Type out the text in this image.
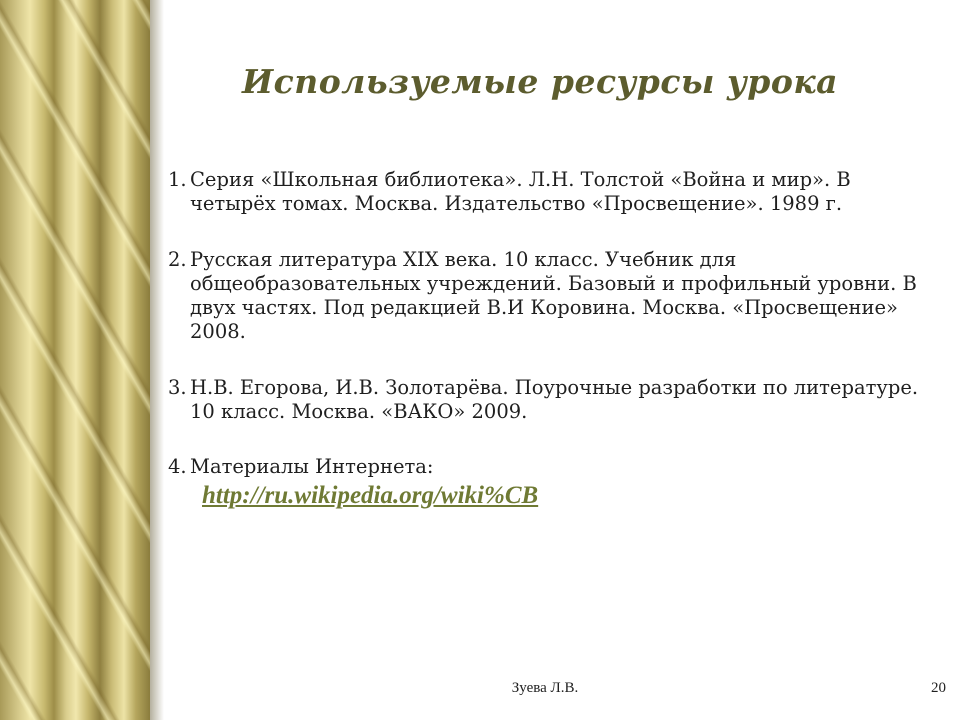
Используемые ресурсы урока
1. Серия «Школьная библиотека». Л.Н. Толстой «Война и мир». В четырёх томах. Москва. Издательство «Просвещение». 1989 г.
2. Русская литература XIX века. 10 класс. Учебник для общеобразовательных учреждений. Базовый и профильный уровни. В двух частях. Под редакцией В.И Коровина. Москва. «Просвещение» 2008.
3. Н.В. Егорова, И.В. Золотарёва. Поурочные разработки по литературе. 10 класс. Москва. «ВАКО» 2009.
4. Материалы Интернета:
http://ru.wikipedia.org/wiki%CB
Зуева Л.В.	20
